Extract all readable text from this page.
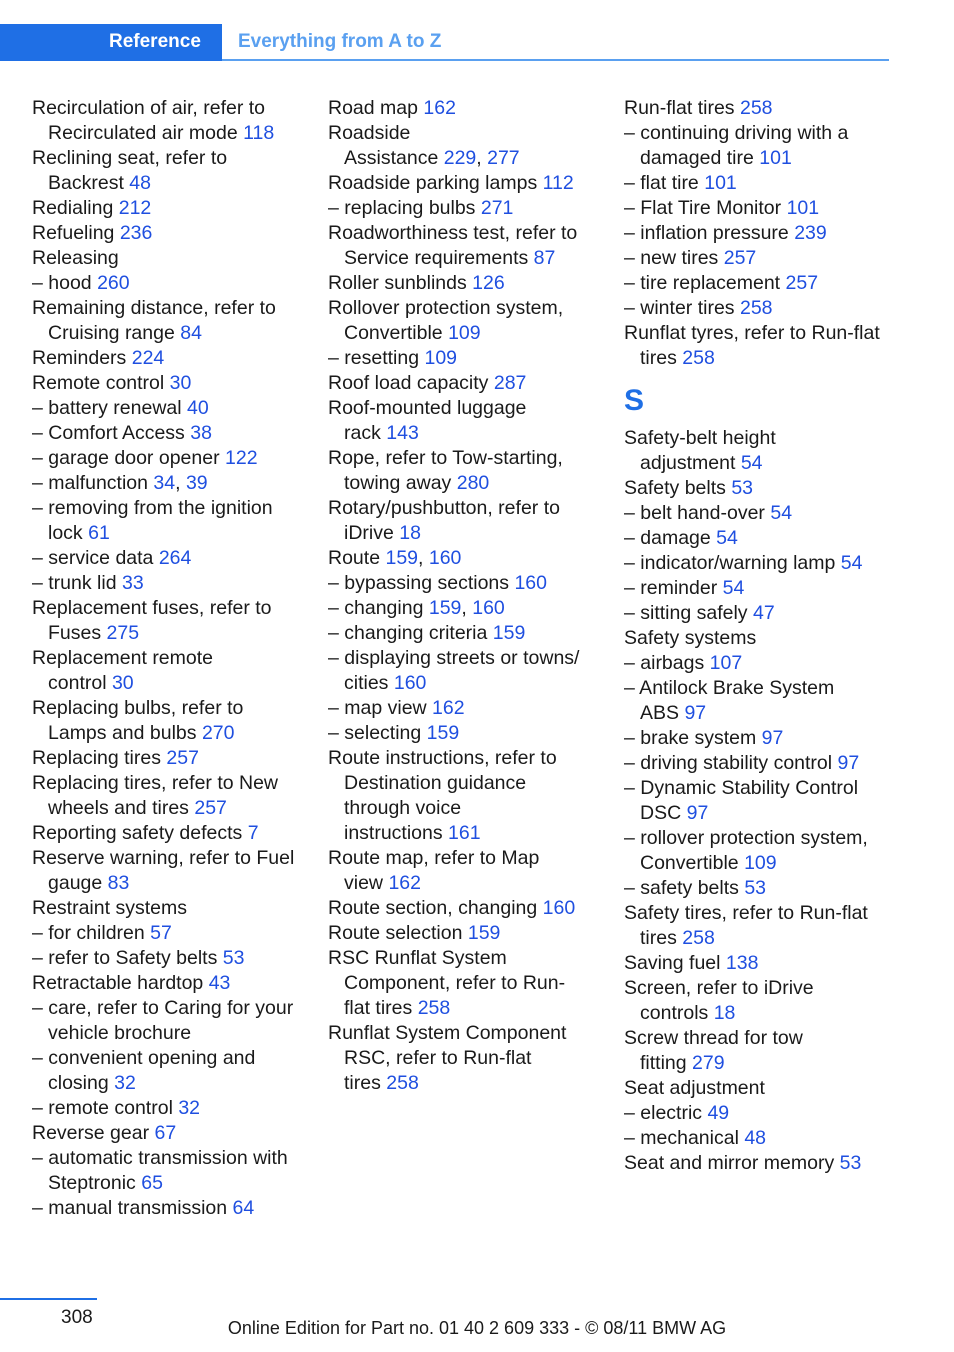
Reference Everything from A to Z
Recirculation of air, refer to
Recirculated air mode 118
Reclining seat, refer to
Backrest 48
Redialing 212
Refueling 236
Releasing
– hood 260
Remaining distance, refer to
Cruising range 84
Reminders 224
Remote control 30
– battery renewal 40
– Comfort Access 38
– garage door opener 122
– malfunction 34, 39
– removing from the ignition
lock 61
– service data 264
– trunk lid 33
Replacement fuses, refer to
Fuses 275
Replacement remote
control 30
Replacing bulbs, refer to
Lamps and bulbs 270
Replacing tires 257
Replacing tires, refer to New
wheels and tires 257
Reporting safety defects 7
Reserve warning, refer to Fuel
gauge 83
Restraint systems
– for children 57
– refer to Safety belts 53
Retractable hardtop 43
– care, refer to Caring for your
vehicle brochure
– convenient opening and
closing 32
– remote control 32
Reverse gear 67
– automatic transmission with
Steptronic 65
– manual transmission 64
Road map 162
Roadside
Assistance 229, 277
Roadside parking lamps 112
– replacing bulbs 271
Roadworthiness test, refer to
Service requirements 87
Roller sunblinds 126
Rollover protection system,
Convertible 109
– resetting 109
Roof load capacity 287
Roof-mounted luggage
rack 143
Rope, refer to Tow-starting,
towing away 280
Rotary/pushbutton, refer to
iDrive 18
Route 159, 160
– bypassing sections 160
– changing 159, 160
– changing criteria 159
– displaying streets or towns/
cities 160
– map view 162
– selecting 159
Route instructions, refer to
Destination guidance
through voice
instructions 161
Route map, refer to Map
view 162
Route section, changing 160
Route selection 159
RSC Runflat System
Component, refer to Run-
flat tires 258
Runflat System Component
RSC, refer to Run-flat
tires 258
Run-flat tires 258
– continuing driving with a
damaged tire 101
– flat tire 101
– Flat Tire Monitor 101
– inflation pressure 239
– new tires 257
– tire replacement 257
– winter tires 258
Runflat tyres, refer to Run-flat
tires 258
S
Safety-belt height
adjustment 54
Safety belts 53
– belt hand-over 54
– damage 54
– indicator/warning lamp 54
– reminder 54
– sitting safely 47
Safety systems
– airbags 107
– Antilock Brake System
ABS 97
– brake system 97
– driving stability control 97
– Dynamic Stability Control
DSC 97
– rollover protection system,
Convertible 109
– safety belts 53
Safety tires, refer to Run-flat
tires 258
Saving fuel 138
Screen, refer to iDrive
controls 18
Screw thread for tow
fitting 279
Seat adjustment
– electric 49
– mechanical 48
Seat and mirror memory 53
308	Online Edition for Part no. 01 40 2 609 333 - © 08/11 BMW AG
